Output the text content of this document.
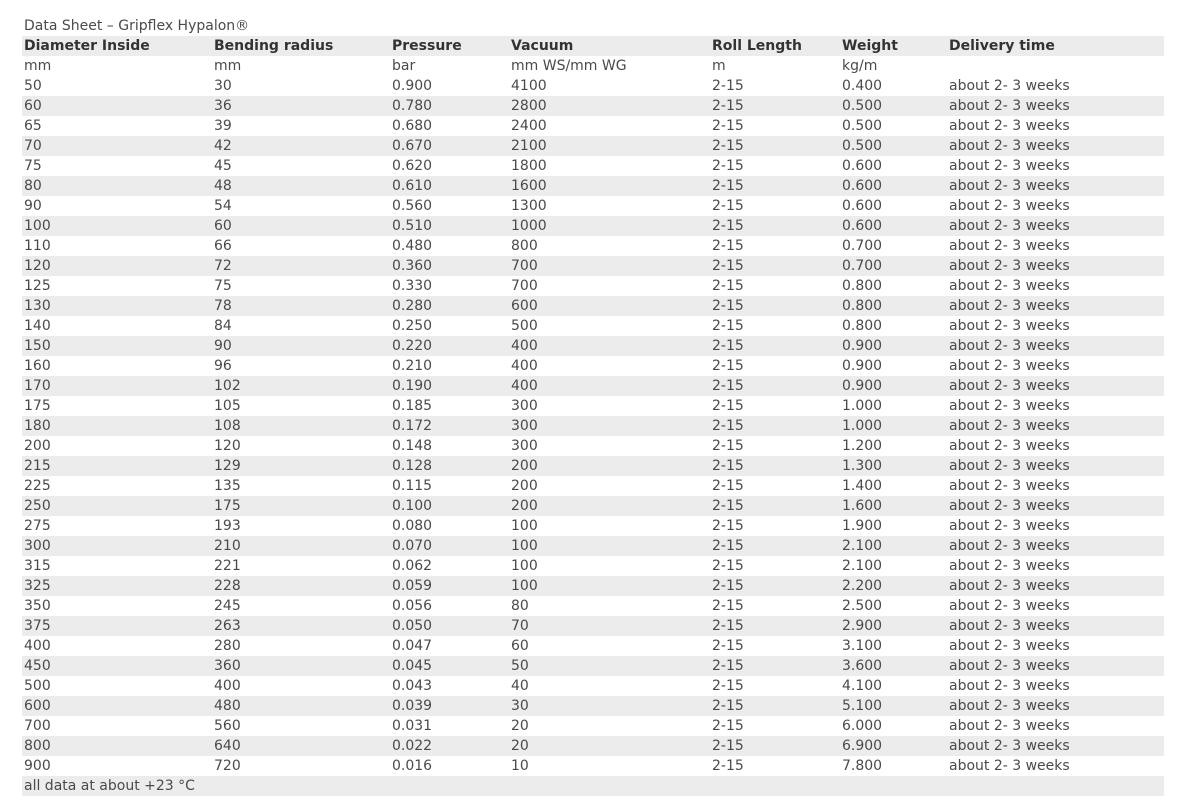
Data Sheet – Gripflex Hypalon®
Diameter Inside	Bending radius	Pressure	Vacuum	Roll Length	Weight	Delivery time
mm	mm	bar	mm WS/mm WG	m	kg/m	
50	30	0.900	4100	2-15	0.400	about 2- 3 weeks
60	36	0.780	2800	2-15	0.500	about 2- 3 weeks
65	39	0.680	2400	2-15	0.500	about 2- 3 weeks
70	42	0.670	2100	2-15	0.500	about 2- 3 weeks
75	45	0.620	1800	2-15	0.600	about 2- 3 weeks
80	48	0.610	1600	2-15	0.600	about 2- 3 weeks
90	54	0.560	1300	2-15	0.600	about 2- 3 weeks
100	60	0.510	1000	2-15	0.600	about 2- 3 weeks
110	66	0.480	800	2-15	0.700	about 2- 3 weeks
120	72	0.360	700	2-15	0.700	about 2- 3 weeks
125	75	0.330	700	2-15	0.800	about 2- 3 weeks
130	78	0.280	600	2-15	0.800	about 2- 3 weeks
140	84	0.250	500	2-15	0.800	about 2- 3 weeks
150	90	0.220	400	2-15	0.900	about 2- 3 weeks
160	96	0.210	400	2-15	0.900	about 2- 3 weeks
170	102	0.190	400	2-15	0.900	about 2- 3 weeks
175	105	0.185	300	2-15	1.000	about 2- 3 weeks
180	108	0.172	300	2-15	1.000	about 2- 3 weeks
200	120	0.148	300	2-15	1.200	about 2- 3 weeks
215	129	0.128	200	2-15	1.300	about 2- 3 weeks
225	135	0.115	200	2-15	1.400	about 2- 3 weeks
250	175	0.100	200	2-15	1.600	about 2- 3 weeks
275	193	0.080	100	2-15	1.900	about 2- 3 weeks
300	210	0.070	100	2-15	2.100	about 2- 3 weeks
315	221	0.062	100	2-15	2.100	about 2- 3 weeks
325	228	0.059	100	2-15	2.200	about 2- 3 weeks
350	245	0.056	80	2-15	2.500	about 2- 3 weeks
375	263	0.050	70	2-15	2.900	about 2- 3 weeks
400	280	0.047	60	2-15	3.100	about 2- 3 weeks
450	360	0.045	50	2-15	3.600	about 2- 3 weeks
500	400	0.043	40	2-15	4.100	about 2- 3 weeks
600	480	0.039	30	2-15	5.100	about 2- 3 weeks
700	560	0.031	20	2-15	6.000	about 2- 3 weeks
800	640	0.022	20	2-15	6.900	about 2- 3 weeks
900	720	0.016	10	2-15	7.800	about 2- 3 weeks
all data at about +23 °C						
